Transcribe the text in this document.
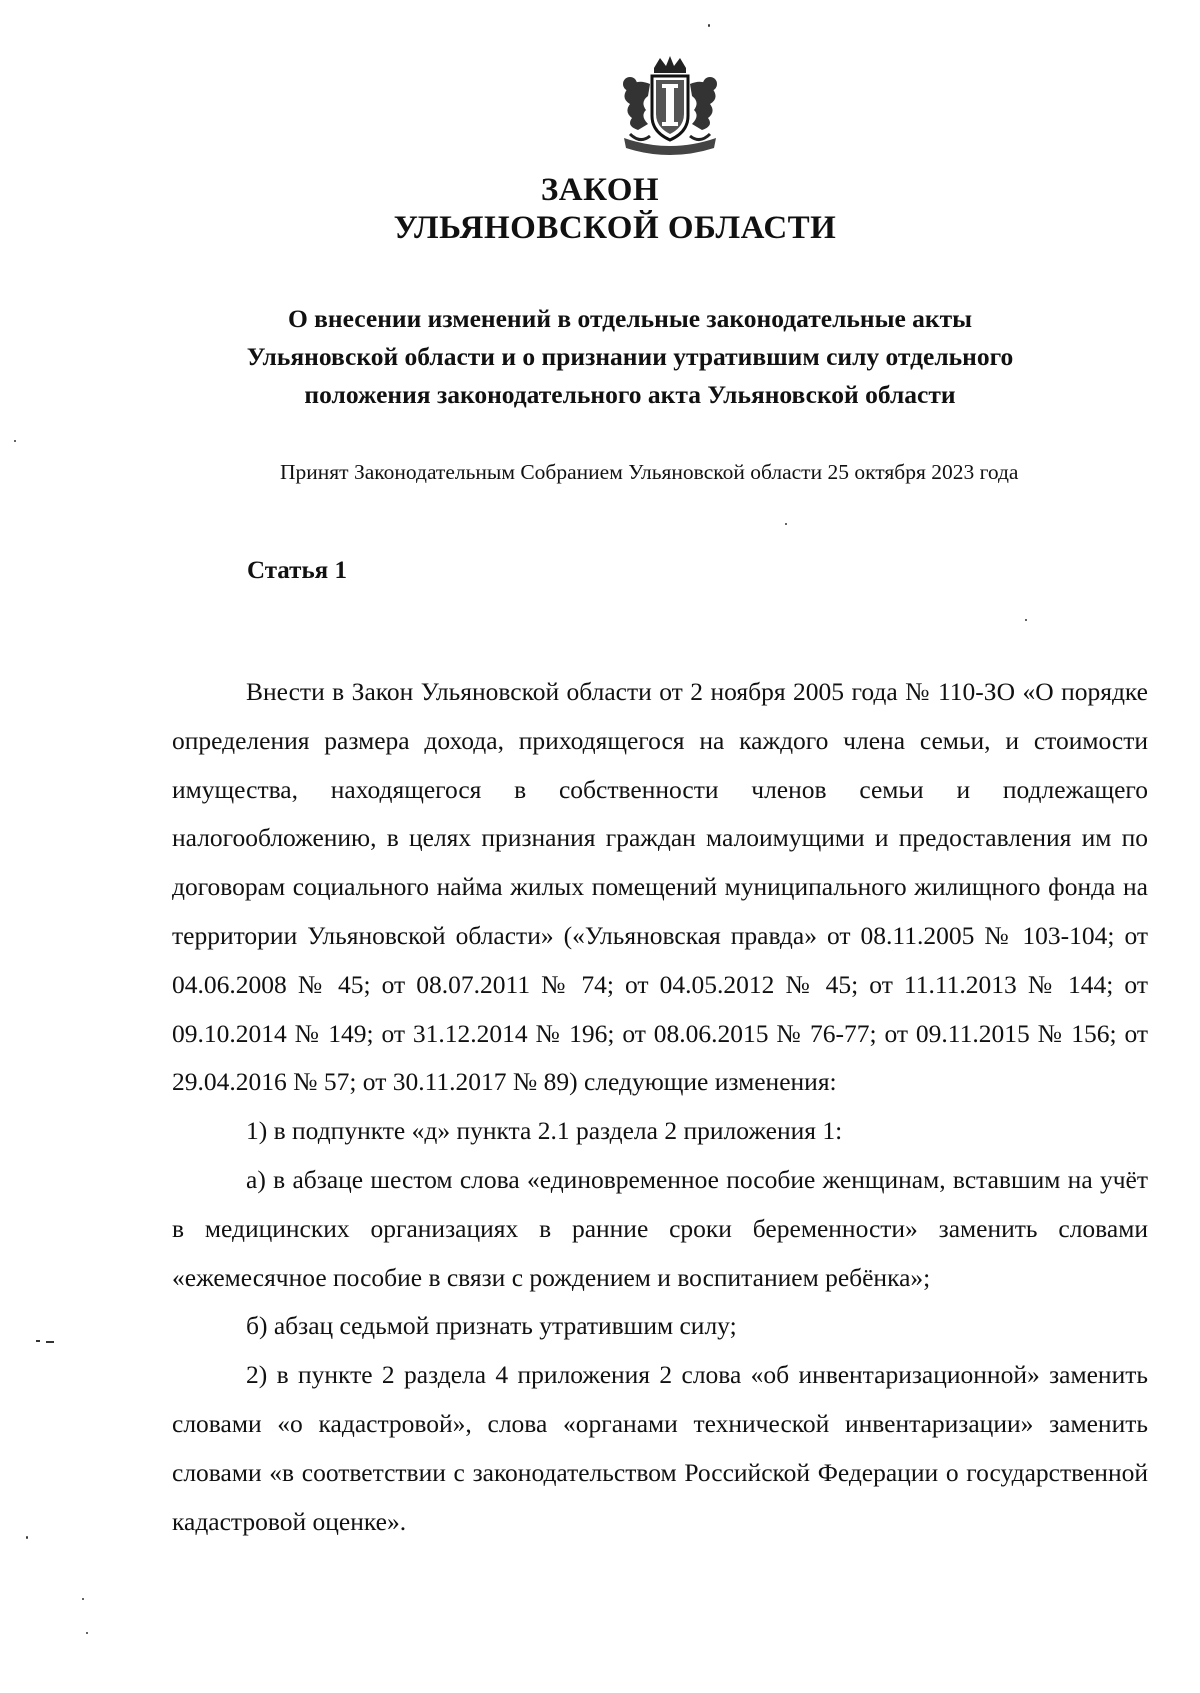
ЗАКОН
УЛЬЯНОВСКОЙ ОБЛАСТИ
О внесении изменений в отдельные законодательные акты
Ульяновской области и о признании утратившим силу отдельного
положения законодательного акта Ульяновской области
Принят Законодательным Собранием Ульяновской области 25 октября 2023 года
Статья 1

Внести в Закон Ульяновской области от 2 ноября 2005 года № 110-ЗО «О порядке определения размера дохода, приходящегося на каждого члена семьи, и стоимости имущества, находящегося в собственности членов семьи и подлежащего налогообложению, в целях признания граждан малоимущими и предоставления им по договорам социального найма жилых помещений муниципального жилищного фонда на территории Ульяновской области» («Ульяновская правда» от 08.11.2005 № 103-104; от 04.06.2008 № 45; от 08.07.2011 № 74; от 04.05.2012 № 45; от 11.11.2013 № 144; от 09.10.2014 № 149; от 31.12.2014 № 196; от 08.06.2015 № 76-77; от 09.11.2015 № 156; от 29.04.2016 № 57; от 30.11.2017 № 89) следующие изменения:

1) в подпункте «д» пункта 2.1 раздела 2 приложения 1:

а) в абзаце шестом слова «единовременное пособие женщинам, вставшим на учёт в медицинских организациях в ранние сроки беременности» заменить словами «ежемесячное пособие в связи с рождением и воспитанием ребёнка»;

б) абзац седьмой признать утратившим силу;

2) в пункте 2 раздела 4 приложения 2 слова «об инвентаризационной» заменить словами «о кадастровой», слова «органами технической инвентаризации» заменить словами «в соответствии с законодательством Российской Федерации о государственной кадастровой оценке».
